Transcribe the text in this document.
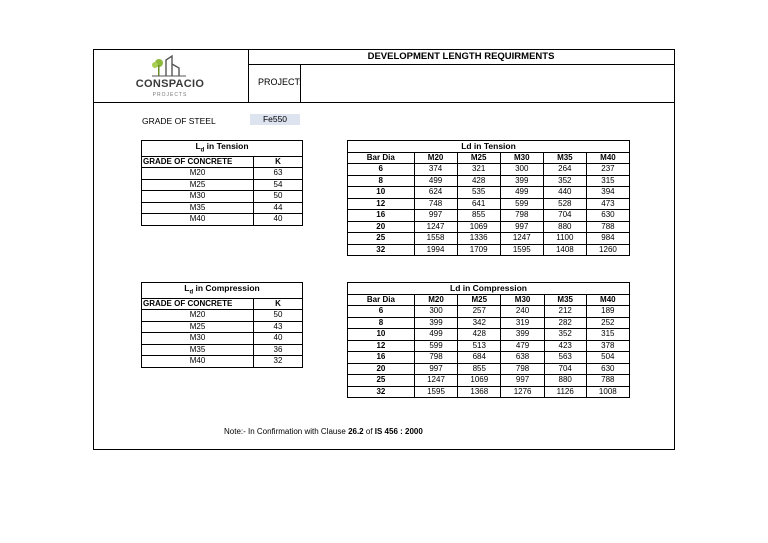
CONSPACIO
PROJECTS
DEVELOPMENT LENGTH REQUIRMENTS
PROJECT:
GRADE OF STEEL	Fe550
$L_d$ in Tension	
GRADE OF CONCRETE	K
M20	63
M25	54
M30	50
M35	44
M40	40
$L_d$ in Compression	
GRADE OF CONCRETE	K
M20	50
M25	43
M30	40
M35	36
M40	32
Ld in Tension					
Bar Dia	M20	M25	M30	M35	M40
6	374	321	300	264	237
8	499	428	399	352	315
10	624	535	499	440	394
12	748	641	599	528	473
16	997	855	798	704	630
20	1247	1069	997	880	788
25	1558	1336	1247	1100	984
32	1994	1709	1595	1408	1260
Ld in Compression					
Bar Dia	M20	M25	M30	M35	M40
6	300	257	240	212	189
8	399	342	319	282	252
10	499	428	399	352	315
12	599	513	479	423	378
16	798	684	638	563	504
20	997	855	798	704	630
25	1247	1069	997	880	788
32	1595	1368	1276	1126	1008
Note:- In Confirmation with Clause 26.2 of IS 456 : 2000
